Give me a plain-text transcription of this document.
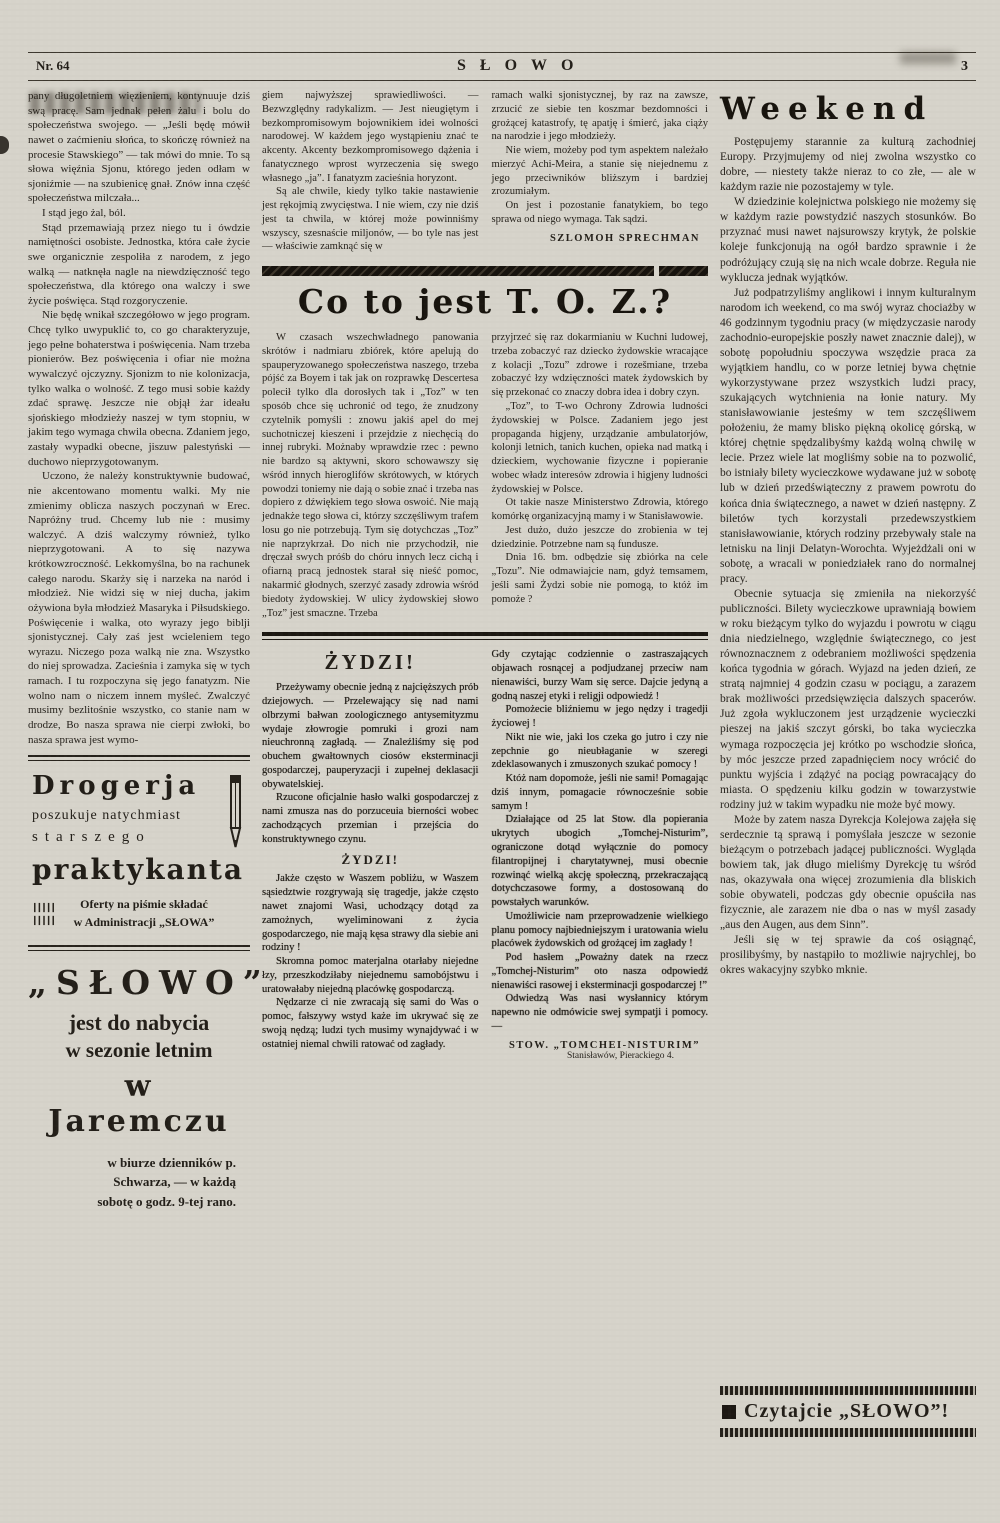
Nr. 64	SŁOWO	3

pany długoletniem więzieniem, kontynuuje dziś swą pracę. Sam jednak pełen żalu i bolu do społeczeństwa swojego. — „Jeśli będę mówił nawet o zaćmieniu słońca, to skończę również na procesie Stawskiego” — tak mówi do mnie. To są słowa więźnia Sjonu, którego jeden odłam w sjoniźmie — na szubienicę gnał. Znów inna część społeczeństwa milczała...

I stąd jego żal, ból.

Stąd przemawiają przez niego tu i ówdzie namiętności osobiste. Jednostka, która całe życie swe organicznie zespoliła z narodem, z jego walką — natknęła nagle na niewdzięczność tego społeczeństwa, dla którego ona walczy i swe życie poświęca. Stąd rozgoryczenie.

Nie będę wnikał szczegółowo w jego program. Chcę tylko uwypuklić to, co go charakteryzuje, jego pełne bohaterstwa i poświęcenia. Nam trzeba pionierów. Bez poświęcenia i ofiar nie można wywalczyć ojczyzny. Sjonizm to nie kolonizacja, tylko walka o wolność. Z tego musi sobie każdy zdać sprawę. Jeszcze nie objął żar ideału sjońskiego młodzieży naszej w tym stopniu, w jakim tego wymaga chwila obecna. Zdaniem jego, zastały wypadki obecne, jiszuw palestyński — duchowo nieprzygotowanym.

Uczono, że należy konstruktywnie budować, nie akcentowano momentu walki. My nie zmienimy oblicza naszych poczynań w Erec. Napróżny trud. Chcemy lub nie : musimy walczyć. A dziś walczymy również, tylko nieprzygotowani. A to się nazywa krótkowzroczność. Lekkomyślna, bo na rachunek całego narodu. Skarży się i narzeka na naród i młodzież. Nie widzi się w niej ducha, jakim ożywiona była młodzież Masaryka i Piłsudskiego. Poświęcenie i walka, oto wyrazy jego biblji sjonistycznej. Cały zaś jest wcieleniem tego wyrazu. Niczego poza walką nie zna. Wszystko do niej sprowadza. Zacieśnia i zamyka się w tych ramach. I tu rozpoczyna się jego fanatyzm. Nie wolno nam o niczem innem myśleć. Zwalczyć musimy bezlitośnie wszystko, co stanie nam w drodze, Bo nasza sprawa nie cierpi zwłoki, bo nasza sprawa jest wymo-

Drogerja
poszukuje natychmiast
starszego
praktykanta
Oferty na piśmie składać
w Administracji „SŁOWA”
„SŁOWO”
jest do nabycia
w sezonie letnim
w Jaremczu
w biurze dzienników p.
Schwarza, — w każdą
sobotę o godz. 9-tej rano.

giem najwyższej sprawiedliwości. — Bezwzględny radykalizm. — Jest nieugiętym i bezkompromisowym bojownikiem idei wolności narodowej. W każdem jego wystąpieniu znać te akcenty. Akcenty bezkompromisowego dążenia i fanatycznego wprost wyrzeczenia się swego własnego „ja”. I fanatyzm zacieśnia horyzont.

Są ale chwile, kiedy tylko takie nastawienie jest rękojmią zwycięstwa. I nie wiem, czy nie dziś jest ta chwila, w której może powinniśmy wszyscy, szesnaście miljonów, — bo tyle nas jest — właściwie zamknąć się w

ramach walki sjonistycznej, by raz na zawsze, zrzucić ze siebie ten koszmar bezdomności i grożącej katastrofy, tę apatję i śmierć, jaka ciąży na narodzie i jego młodzieży.

Nie wiem, możeby pod tym aspektem należało mierzyć Achi-Meira, a stanie się niejednemu z jego przeciwników bliższym i bardziej zrozumiałym.

On jest i pozostanie fanatykiem, bo tego sprawa od niego wymaga. Tak sądzi.

SZLOMOH SPRECHMAN
Co to jest T. O. Z.?

W czasach wszechwładnego panowania skrótów i nadmiaru zbiórek, które apelują do spauperyzowanego społeczeństwa naszego, trzeba pójść za Boyem i tak jak on rozprawkę Descertesa polecił tylko dla dorosłych tak i „Toz” w ten sposób chce się uchronić od tego, że znudzony czytelnik pomyśli : znowu jakiś apel do mej suchotniczej kieszeni i przejdzie z niechęcią do innej rubryki. Możnaby wprawdzie rzec : pewno nie bardzo są aktywni, skoro schowawszy się wśród innych hieroglifów skrótowych, w których powodzi toniemy nie dają o sobie znać i trzeba nas dopiero z dźwiękiem tego słowa oswoić. Nie mają jednakże tego słowa ci, którzy szczęśliwym trafem losu go nie potrzebują. Tym się dotychczas „Toz” nie naprzykrzał. Do nich nie przychodził, nie dręczał swych próśb do chóru innych lecz cichą i ofiarną pracą jednostek starał się nieść pomoc, nakarmić głodnych, szerzyć zasady zdrowia wśród biedoty żydowskiej. W ulicy żydowskiej słowo „Toz” jest smaczne. Trzeba

przyjrzeć się raz dokarmianiu w Kuchni ludowej, trzeba zobaczyć raz dziecko żydowskie wracające z kolacji „Tozu” zdrowe i rozešmiane, trzeba zobaczyć łzy wdzięczności matek żydowskich by się przekonać co znaczy dobra idea i dobry czyn.

„Toz”, to T-wo Ochrony Zdrowia ludności żydowskiej w Polsce. Zadaniem jego jest propaganda higjeny, urządzanie ambulatorjów, kolonji letnich, tanich kuchen, opieka nad matką i dzieckiem, wychowanie fizyczne i popieranie wobec władz interesów zdrowia i higjeny ludności żydowskiej w Polsce.

Ot takie nasze Ministerstwo Zdrowia, którego komórkę organizacyjną mamy i w Stanisławowie.

Jest dużo, dużo jeszcze do zrobienia w tej dziedzinie. Potrzebne nam są fundusze.

Dnia 16. bm. odbędzie się zbiórka na cele „Tozu”. Nie odmawiajcie nam, gdyż temsamem, jeśli sami Żydzi sobie nie pomogą, to któż im pomoże ?

ŻYDZI!

Przeżywamy obecnie jedną z najcięższych prób dziejowych. — Przelewający się nad nami olbrzymi bałwan zoologicznego antysemityzmu wydaje złowrogie pomruki i grozi nam nieuchronną zagładą. — Znaleźliśmy się pod obuchem gwałtownych ciosów eksterminacji gospodarczej, pauperyzacji i zupełnej deklasacji obywatelskiej.

Rzucone oficjalnie hasło walki gospodarczej z nami zmusza nas do porzuceuia bierności wobec zachodzących przemian i przejścia do konstruktywnego czynu.

ŻYDZI!

Jakże często w Waszem pobliżu, w Waszem sąsiedztwie rozgrywają się tragedje, jakże często nawet znajomi Wasi, uchodzący dotąd za zamożnych, wyeliminowani z życia gospodarczego, nie mają kęsa strawy dla siebie ani rodziny !

Skromna pomoc materjalna otarłaby niejedne łzy, przeszkodziłaby niejednemu samobójstwu i uratowałaby niejedną placówkę gospodarczą.

Nędzarze ci nie zwracają się sami do Was o pomoc, fałszywy wstyd każe im ukrywać się ze swoją nędzą; ludzi tych musimy wynajdywać i w ostatniej niemal chwili ratować od zagłady.

Gdy czytając codziennie o zastraszających objawach rosnącej a podjudzanej przeciw nam nienawiści, burzy Wam się serce. Dajcie jedyną a godną naszej etyki i religji odpowiedź !

Pomożecie bliźniemu w jego nędzy i tragedji życiowej !

Nikt nie wie, jaki los czeka go jutro i czy nie zepchnie go nieubłaganie w szeregi zdeklasowanych i zmuszonych szukać pomocy !

Któż nam dopomoże, jeśli nie sami! Pomagając dziś innym, pomagacie równocześnie sobie samym !

Działające od 25 lat Stow. dla popierania ukrytych ubogich „Tomchej-Nisturim”, ograniczone dotąd wyłącznie do pomocy filantropijnej i charytatywnej, musi obecnie rozwinąć wielką akcję społeczną, przekraczającą dotychczasowe formy, a dostosowaną do powstałych warunków.

Umożliwicie nam przeprowadzenie wielkiego planu pomocy najbiedniejszym i uratowania wielu placówek żydowskich od grożącej im zagłady !

Pod hasłem „Poważny datek na rzecz „Tomchej-Nisturim” oto nasza odpowiedź nienawiści rasowej i eksterminacji gospodarczej !”

Odwiedzą Was nasi wysłannicy którym napewno nie odmówicie swej sympatji i pomocy.—

STOW. „TOMCHEI-NISTURIM”
Stanisławów, Pierackiego 4.
Weekend

Postępujemy starannie za kulturą zachodniej Europy. Przyjmujemy od niej zwolna wszystko co dobre, — niestety także nieraz to co złe, — ale w każdym razie nie pozostajemy w tyle.

W dziedzinie kolejnictwa polskiego nie możemy się w każdym razie powstydzić naszych stosunków. Bo przyznać musi nawet najsurowszy krytyk, że polskie koleje funkcjonują na ogół bardzo sprawnie i że podróżujący czują się na nich wcale dobrze. Reguła nie wyklucza jednak wyjątków.

Już podpatrzyliśmy anglikowi i innym kulturalnym narodom ich weekend, co ma swój wyraz chociażby w 46 godzinnym tygodniu pracy (w międzyczasie narody zachodnio-europejskie poszły nawet znacznie dalej), w sobotę popołudniu spoczywa wszędzie praca za wyjątkiem handlu, co w porze letniej bywa chętnie wykorzystywane przez wszystkich ludzi pracy, szukających wytchnienia na łonie natury. My stanisławowianie jesteśmy w tem szczęśliwem położeniu, że mamy blisko piękną okolicę górską, w której chętnie spędzalibyśmy każdą wolną chwilę w lecie. Przez wiele lat mogliśmy sobie na to pozwolić, bo istniały bilety wycieczkowe wydawane już w sobotę lub w dzień przedświąteczny z prawem powrotu do końca dnia świątecznego, a nawet w dzień następny. Z biletów tych korzystali przedewszystkiem stanisławowianie, których rodziny przebywały stale na letnisku na linji Delatyn-Worochta. Wyjeżdżali oni w sobotę, a wracali w poniedziałek rano do normalnej pracy.

Obecnie sytuacja się zmieniła na niekorzyść publiczności. Bilety wycieczkowe uprawniają bowiem w roku bieżącym tylko do wyjazdu i powrotu w ciągu dnia niedzielnego, względnie świątecznego, co jest równoznacznem z odebraniem możliwości spędzenia końca tygodnia w górach. Wyjazd na jeden dzień, ze stratą najmniej 4 godzin czasu w pociągu, a zarazem brak możliwości przedsięwzięcia dalszych spacerów. Już zgoła wykluczonem jest urządzenie wycieczki pieszej na jakiś szczyt górski, bo taka wycieczka wymaga rozpoczęcia jej krótko po wschodzie słońca, by móc jeszcze przed zapadnięciem nocy wrócić do punktu wyjścia i zdążyć na pociąg powracający do miasta. O spędzeniu kilku godzin w towarzystwie rodziny już w takim wypadku nie może być mowy.

Może by zatem nasza Dyrekcja Kolejowa zajęła się serdecznie tą sprawą i pomyślała jeszcze w sezonie bieżącym o potrzebach jadącej publiczności. Wygląda bowiem tak, jak długo mieliśmy Dyrekcję tu wśród nas, okazywała ona więcej zrozumienia dla bliskich sobie obywateli, podczas gdy obecnie opuściła nas fizycznie, ale zarazem nie dba o nas w myśl zasady „aus den Augen, aus dem Sinn”.

Jeśli się w tej sprawie da coś osiągnąć, prosilibyśmy, by nastąpiło to możliwie najrychlej, bo okres wakacyjny szybko mknie.

Czytajcie „SŁOWO”!
